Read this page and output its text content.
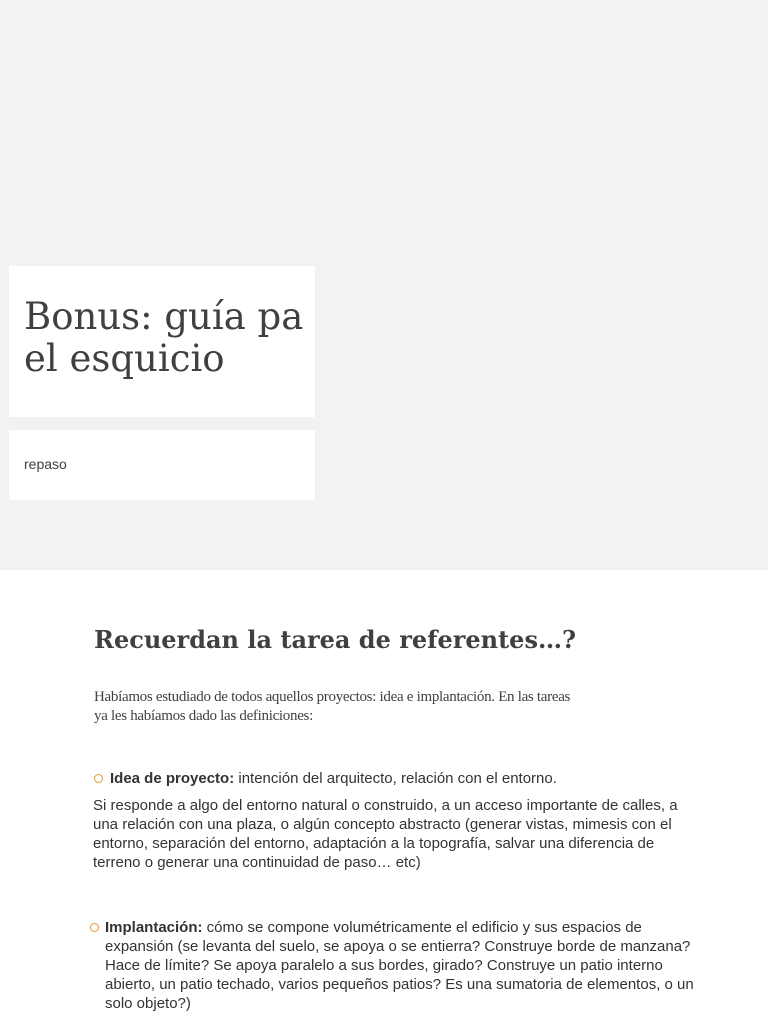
Bonus: guía pa el esquicio
repaso
Recuerdan la tarea de referentes…?

Habíamos estudiado de todos aquellos proyectos: idea e implantación. En las tareas ya les habíamos dado las definiciones:

Idea de proyecto: intención del arquitecto, relación con el entorno.

Si responde a algo del entorno natural o construido, a un acceso importante de calles, a una relación con una plaza, o algún concepto abstracto (generar vistas, mimesis con el entorno, separación del entorno, adaptación a la topografía, salvar una diferencia de terreno o generar una continuidad de paso… etc)

Implantación: cómo se compone volumétricamente el edificio y sus espacios de expansión (se levanta del suelo, se apoya o se entierra? Construye borde de manzana? Hace de límite? Se apoya paralelo a sus bordes, girado? Construye un patio interno abierto, un patio techado, varios pequeños patios? Es una sumatoria de elementos, o un solo objeto?)
